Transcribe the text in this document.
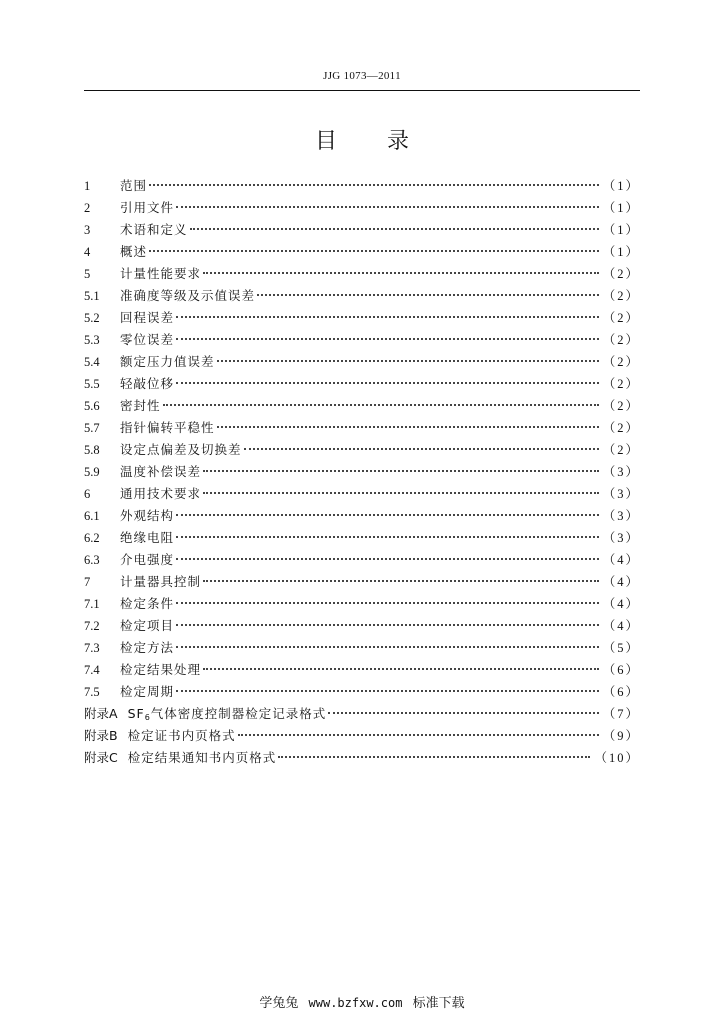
JJG 1073—2011
目录
1	范围	（1）
2	引用文件	（1）
3	术语和定义	（1）
4	概述	（1）
5	计量性能要求	（2）
5.1	准确度等级及示值误差	（2）
5.2	回程误差	（2）
5.3	零位误差	（2）
5.4	额定压力值误差	（2）
5.5	轻敲位移	（2）
5.6	密封性	（2）
5.7	指针偏转平稳性	（2）
5.8	设定点偏差及切换差	（2）
5.9	温度补偿误差	（3）
6	通用技术要求	（3）
6.1	外观结构	（3）
6.2	绝缘电阻	（3）
6.3	介电强度	（4）
7	计量器具控制	（4）
7.1	检定条件	（4）
7.2	检定项目	（4）
7.3	检定方法	（5）
7.4	检定结果处理	（6）
7.5	检定周期	（6）
附录A $SF_6$气体密度控制器检定记录格式	（7）
附录B 检定证书内页格式	（9）
附录C 检定结果通知书内页格式	（10）
学兔兔 www.bzfxw.com 标准下载
